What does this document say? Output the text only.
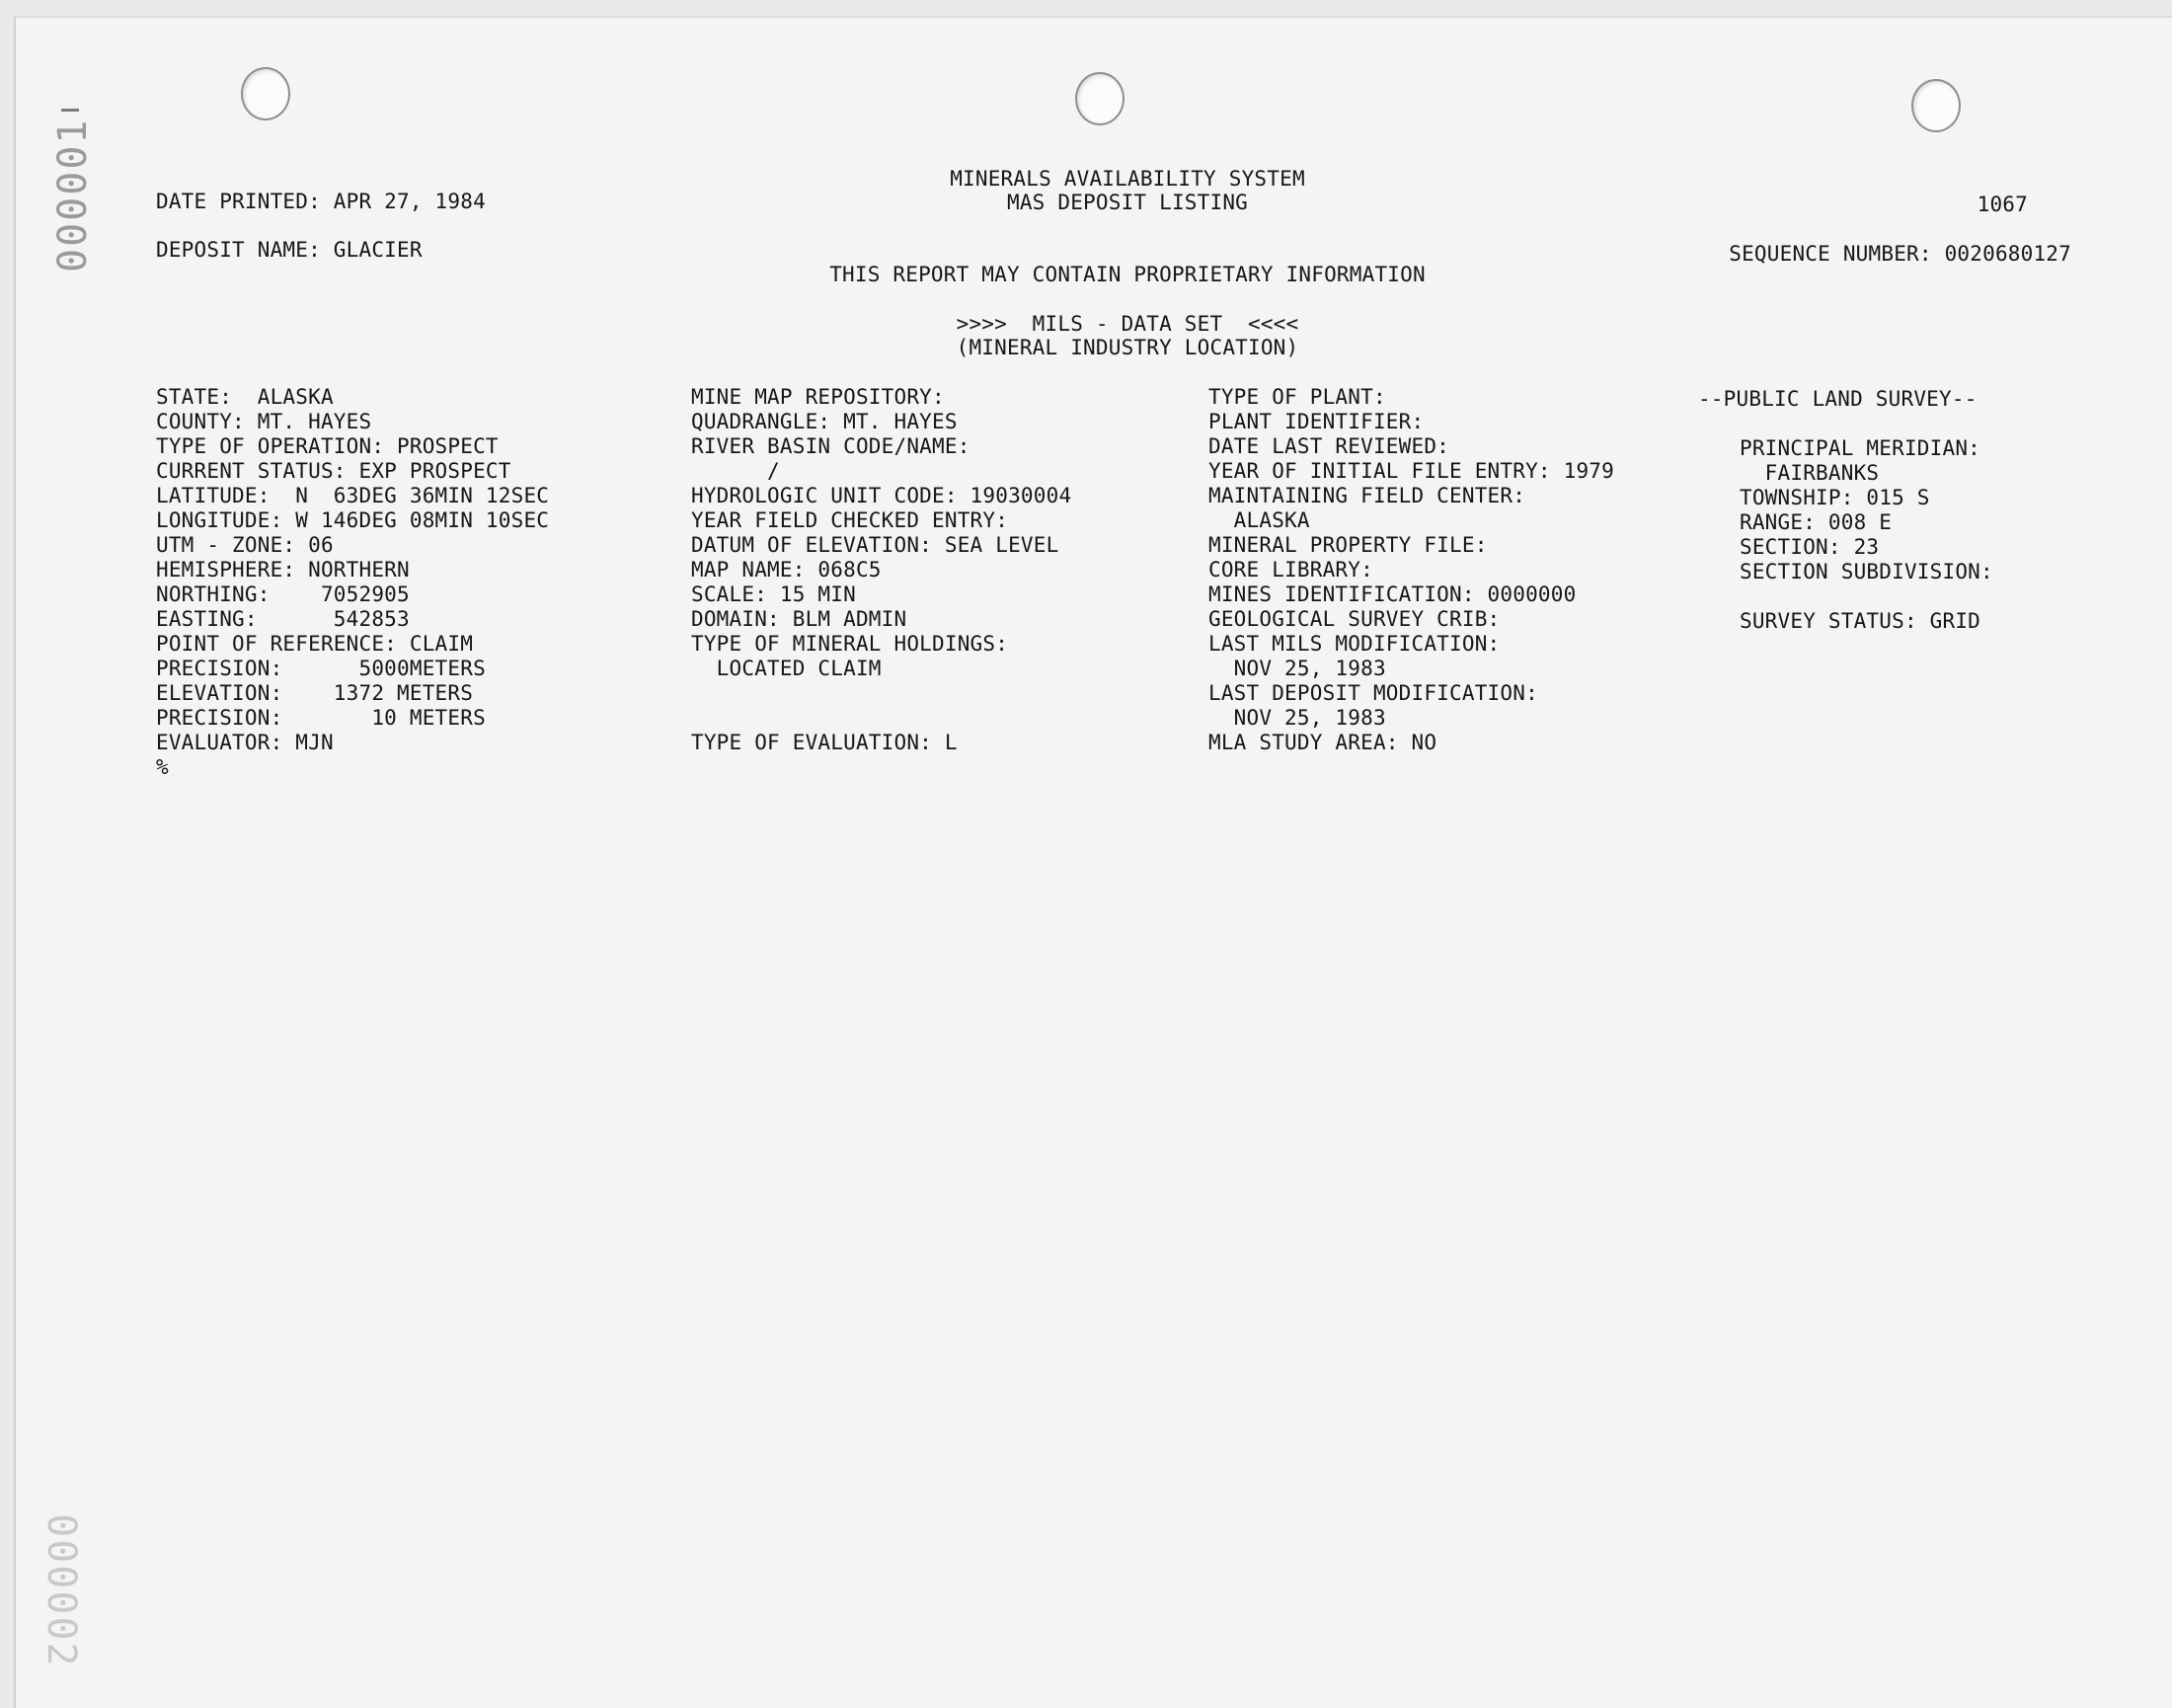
000001
000002
DATE PRINTED: APR 27, 1984
MINERALS AVAILABILITY SYSTEM
MAS DEPOSIT LISTING	1067
DEPOSIT NAME: GLACIER	SEQUENCE NUMBER: 0020680127
THIS REPORT MAY CONTAIN PROPRIETARY INFORMATION
>>>>  MILS - DATA SET  <<<<
(MINERAL INDUSTRY LOCATION)
STATE:  ALASKA
COUNTY: MT. HAYES
TYPE OF OPERATION: PROSPECT
CURRENT STATUS: EXP PROSPECT
LATITUDE:  N  63DEG 36MIN 12SEC
LONGITUDE: W 146DEG 08MIN 10SEC
UTM - ZONE: 06
HEMISPHERE: NORTHERN
NORTHING:    7052905
EASTING:      542853
POINT OF REFERENCE: CLAIM
PRECISION:      5000METERS
ELEVATION:    1372 METERS
PRECISION:       10 METERS
EVALUATOR: MJN
%
MINE MAP REPOSITORY:
QUADRANGLE: MT. HAYES
RIVER BASIN CODE/NAME:
/
HYDROLOGIC UNIT CODE: 19030004
YEAR FIELD CHECKED ENTRY:
DATUM OF ELEVATION: SEA LEVEL
MAP NAME: 068C5
SCALE: 15 MIN
DOMAIN: BLM ADMIN
TYPE OF MINERAL HOLDINGS:
LOCATED CLAIM
TYPE OF EVALUATION: L
TYPE OF PLANT:
PLANT IDENTIFIER:
DATE LAST REVIEWED:
YEAR OF INITIAL FILE ENTRY: 1979
MAINTAINING FIELD CENTER:
ALASKA
MINERAL PROPERTY FILE:
CORE LIBRARY:
MINES IDENTIFICATION: 0000000
GEOLOGICAL SURVEY CRIB:
LAST MILS MODIFICATION:
NOV 25, 1983
LAST DEPOSIT MODIFICATION:
NOV 25, 1983
MLA STUDY AREA: NO
--PUBLIC LAND SURVEY--
PRINCIPAL MERIDIAN:
FAIRBANKS
TOWNSHIP: 015 S
RANGE: 008 E
SECTION: 23
SECTION SUBDIVISION:
SURVEY STATUS: GRID
